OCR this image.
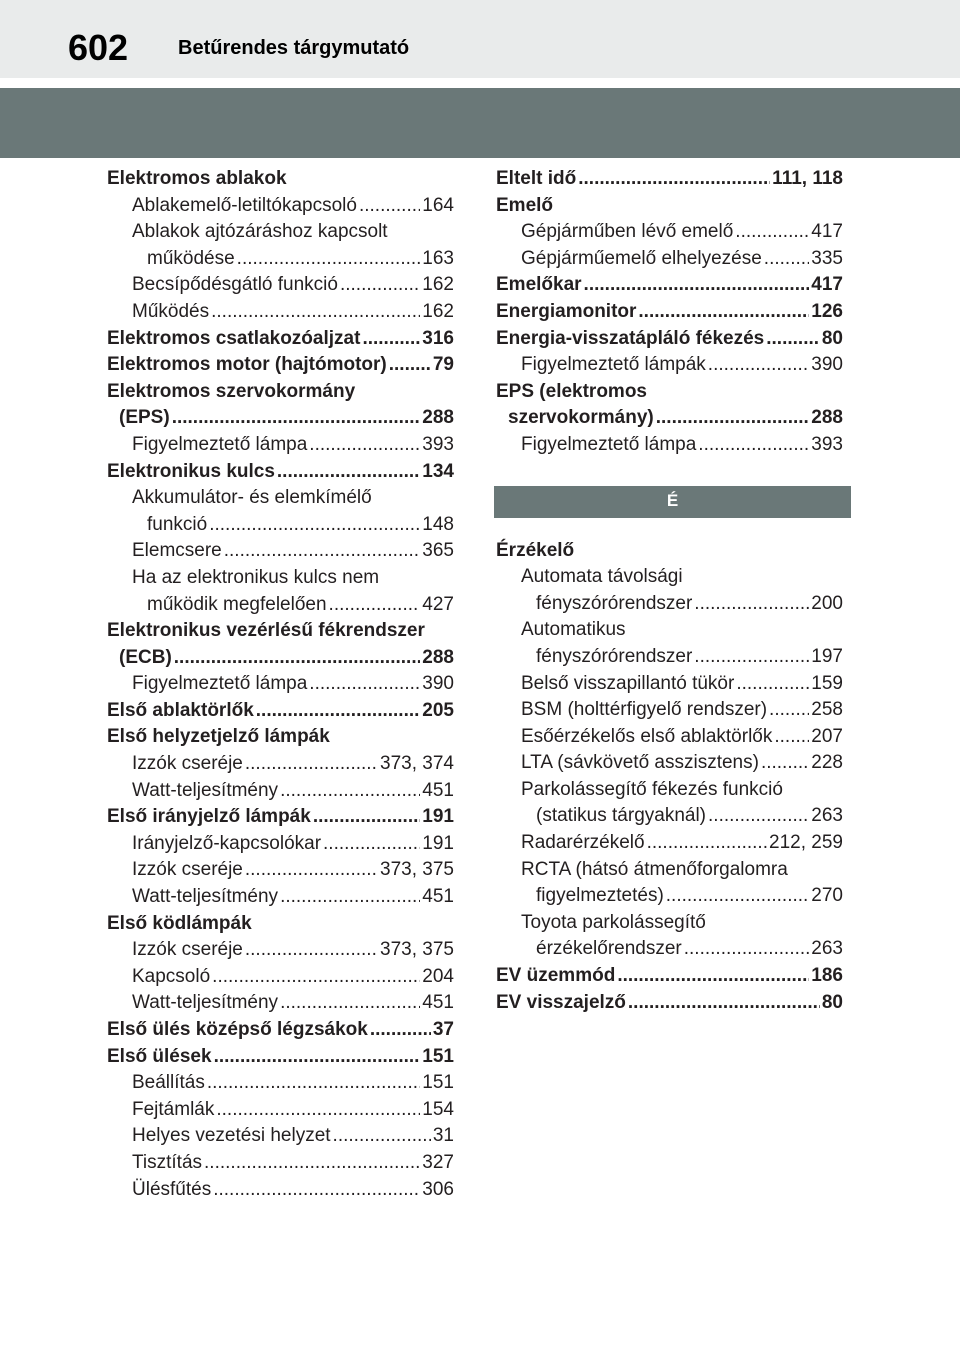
602 Betűrendes tárgymutató
Elektromos ablakok
Ablakemelő-letiltókapcsoló .....	164
Ablakok ajtózáráshoz kapcsolt
működése .....	163
Becsípődésgátló funkció .....	162
Működés .....	162
Elektromos csatlakozóaljzat .....	316
Elektromos motor (hajtómotor) ..... 79
Elektromos szervokormány
(EPS) .....	288
Figyelmeztető lámpa .....	393
Elektronikus kulcs .....	134
Akkumulátor- és elemkímélő
funkció .....	148
Elemcsere .....	365
Ha az elektronikus kulcs nem
működik megfelelően .....	427
Elektronikus vezérlésű fékrendszer
(ECB) .....	288
Figyelmeztető lámpa .....	390
Első ablaktörlők .....	205
Első helyzetjelző lámpák
Izzók cseréje .....	373, 374
Watt-teljesítmény .....	451
Első irányjelző lámpák .....	191
Irányjelző-kapcsolókar .....	191
Izzók cseréje .....	373, 375
Watt-teljesítmény .....	451
Első ködlámpák
Izzók cseréje .....	373, 375
Kapcsoló .....	204
Watt-teljesítmény .....	451
Első ülés középső légzsákok .....	37
Első ülések .....	151
Beállítás .....	151
Fejtámlák .....	154
Helyes vezetési helyzet .....	31
Tisztítás .....	327
Ülésfűtés .....	306
Eltelt idő .....	111, 118
Emelő
Gépjárműben lévő emelő .....	417
Gépjárműemelő elhelyezése .....	335
Emelőkar .....	417
Energiamonitor .....	126
Energia-visszatápláló fékezés .....	80
Figyelmeztető lámpák .....	390
EPS (elektromos
szervokormány) .....	288
Figyelmeztető lámpa .....	393
É
Érzékelő
Automata távolsági
fényszórórendszer .....	200
Automatikus
fényszórórendszer .....	197
Belső visszapillantó tükör .....	159
BSM (holttérfigyelő rendszer) ..... 258
Esőérzékelős első ablaktörlők ..... 207
LTA (sávkövető asszisztens) .....	228
Parkolássegítő fékezés funkció
(statikus tárgyaknál) .....	263
Radarérzékelő .....	212, 259
RCTA (hátsó átmenőforgalomra
figyelmeztetés) .....	270
Toyota parkolássegítő
érzékelőrendszer .....	263
EV üzemmód .....	186
EV visszajelző .....	80
